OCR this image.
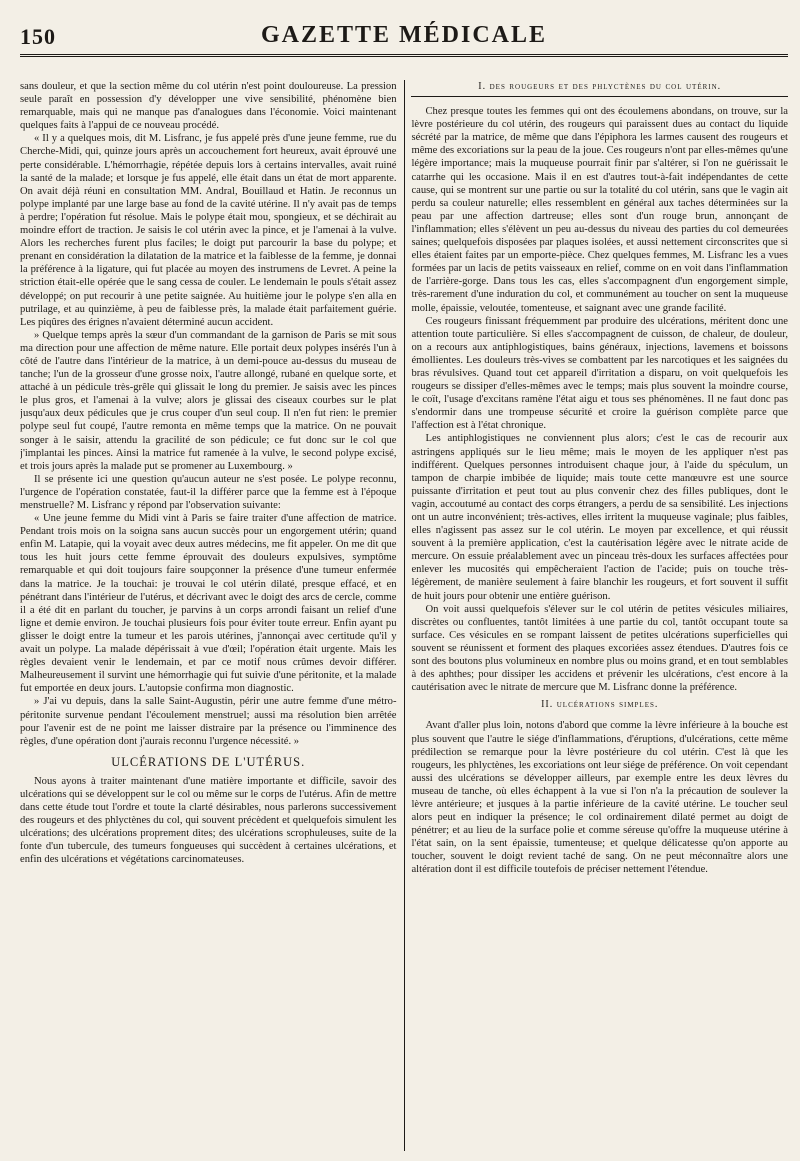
150	GAZETTE MÉDICALE

sans douleur, et que la section même du col utérin n'est point douloureuse. La pression seule paraît en possession d'y développer une vive sensibilité, phénomène bien remarquable, mais qui ne manque pas d'analogues dans l'économie. Voici maintenant quelques faits à l'appui de ce nouveau procédé.

« Il y a quelques mois, dit M. Lisfranc, je fus appelé près d'une jeune femme, rue du Cherche-Midi, qui, quinze jours après un accouchement fort heureux, avait éprouvé une perte considérable. L'hémorrhagie, répétée depuis lors à certains intervalles, avait ruiné la santé de la malade; et lorsque je fus appelé, elle était dans un état de mort apparente. On avait déjà réuni en consultation MM. Andral, Bouillaud et Hatin. Je reconnus un polype implanté par une large base au fond de la cavité utérine. Il n'y avait pas de temps à perdre; l'opération fut résolue. Mais le polype était mou, spongieux, et se déchirait au moindre effort de traction. Je saisis le col utérin avec la pince, et je l'amenai à la vulve. Alors les recherches furent plus faciles; le doigt put parcourir la base du polype; et prenant en considération la dilatation de la matrice et la faiblesse de la femme, je donnai la préférence à la ligature, qui fut placée au moyen des instrumens de Levret. A peine la striction était-elle opérée que le sang cessa de couler. Le lendemain le pouls s'était assez développé; on put recourir à une petite saignée. Au huitième jour le polype s'en alla en putrilage, et au quinzième, à peu de faiblesse près, la malade était parfaitement guérie. Les piqûres des érignes n'avaient déterminé aucun accident.

» Quelque temps après la sœur d'un commandant de la garnison de Paris se mit sous ma direction pour une affection de même nature. Elle portait deux polypes insérés l'un à côté de l'autre dans l'intérieur de la matrice, à un demi-pouce au-dessus du museau de tanche; l'un de la grosseur d'une grosse noix, l'autre allongé, rubané en quelque sorte, et attaché à un pédicule très-grêle qui glissait le long du premier. Je saisis avec les pinces le plus gros, et l'amenai à la vulve; alors je glissai des ciseaux courbes sur le plat jusqu'aux deux pédicules que je crus couper d'un seul coup. Il n'en fut rien: le premier polype seul fut coupé, l'autre remonta en même temps que la matrice. On ne pouvait songer à le saisir, attendu la gracilité de son pédicule; ce fut donc sur le col que j'implantai les pinces. Ainsi la matrice fut ramenée à la vulve, le second polype excisé, et trois jours après la malade put se promener au Luxembourg. »

Il se présente ici une question qu'aucun auteur ne s'est posée. Le polype reconnu, l'urgence de l'opération constatée, faut-il la différer parce que la femme est à l'époque menstruelle? M. Lisfranc y répond par l'observation suivante:

« Une jeune femme du Midi vint à Paris se faire traiter d'une affection de matrice. Pendant trois mois on la soigna sans aucun succès pour un engorgement utérin; quand enfin M. Latapie, qui la voyait avec deux autres médecins, me fit appeler. On me dit que tous les huit jours cette femme éprouvait des douleurs expulsives, symptôme remarquable et qui doit toujours faire soupçonner la présence d'une tumeur enfermée dans la matrice. Je la touchai: je trouvai le col utérin dilaté, presque effacé, et en pénétrant dans l'intérieur de l'utérus, et décrivant avec le doigt des arcs de cercle, comme il a été dit en parlant du toucher, je parvins à un corps arrondi faisant un relief d'une ligne et demie environ. Je touchai plusieurs fois pour éviter toute erreur. Enfin ayant pu glisser le doigt entre la tumeur et les parois utérines, j'annonçai avec certitude qu'il y avait un polype. La malade dépérissait à vue d'œil; l'opération était urgente. Mais les règles devaient venir le lendemain, et par ce motif nous crûmes devoir différer. Malheureusement il survint une hémorrhagie qui fut suivie d'une péritonite, et la malade fut emportée en deux jours. L'autopsie confirma mon diagnostic.

» J'ai vu depuis, dans la salle Saint-Augustin, périr une autre femme d'une métro-péritonite survenue pendant l'écoulement menstruel; aussi ma résolution bien arrêtée pour l'avenir est de ne point me laisser distraire par la présence ou l'imminence des règles, d'une opération dont j'aurais reconnu l'urgence nécessité. »

ULCÉRATIONS DE L'UTÉRUS.

Nous ayons à traiter maintenant d'une matière importante et difficile, savoir des ulcérations qui se développent sur le col ou même sur le corps de l'utérus. Afin de mettre dans cette étude tout l'ordre et toute la clarté désirables, nous parlerons successivement des rougeurs et des phlyctènes du col, qui souvent précèdent et quelquefois simulent les ulcérations; des ulcérations proprement dites; des ulcérations scrophuleuses, suite de la fonte d'un tubercule, des tumeurs fongueuses qui succèdent à certaines ulcérations, et enfin des ulcérations et végétations carcinomateuses.

I. des rougeurs et des phlyctènes du col utérin.

Chez presque toutes les femmes qui ont des écoulemens abondans, on trouve, sur la lèvre postérieure du col utérin, des rougeurs qui paraissent dues au contact du liquide sécrété par la matrice, de même que dans l'épiphora les larmes causent des rougeurs et même des excoriations sur la peau de la joue. Ces rougeurs n'ont par elles-mêmes qu'une légère importance; mais la muqueuse pourrait finir par s'altérer, si l'on ne guérissait le catarrhe qui les occasione. Mais il en est d'autres tout-à-fait indépendantes de cette cause, qui se montrent sur une partie ou sur la totalité du col utérin, sans que le vagin ait perdu sa couleur naturelle; elles ressemblent en général aux taches déterminées sur la peau par une affection dartreuse; elles sont d'un rouge brun, annonçant de l'inflammation; elles s'élèvent un peu au-dessus du niveau des parties du col demeurées saines; quelquefois disposées par plaques isolées, et aussi nettement circonscrites que si elles étaient faites par un emporte-pièce. Chez quelques femmes, M. Lisfranc les a vues formées par un lacis de petits vaisseaux en relief, comme on en voit dans l'inflammation de l'arrière-gorge. Dans tous les cas, elles s'accompagnent d'un engorgement simple, très-rarement d'une induration du col, et communément au toucher on sent la muqueuse molle, épaissie, veloutée, tomenteuse, et saignant avec une grande facilité.

Ces rougeurs finissant fréquemment par produire des ulcérations, méritent donc une attention toute particulière. Si elles s'accompagnent de cuisson, de chaleur, de douleur, on a recours aux antiphlogistiques, bains généraux, injections, lavemens et boissons émollientes. Les douleurs très-vives se combattent par les narcotiques et les saignées du bras révulsives. Quand tout cet appareil d'irritation a disparu, on voit quelquefois les rougeurs se dissiper d'elles-mêmes avec le temps; mais plus souvent la moindre course, le coït, l'usage d'excitans ramène l'état aigu et tous ses phénomènes. Il ne faut donc pas s'endormir dans une trompeuse sécurité et croire la guérison complète parce que l'affection est à l'état chronique.

Les antiphlogistiques ne conviennent plus alors; c'est le cas de recourir aux astringens appliqués sur le lieu même; mais le moyen de les appliquer n'est pas indifférent. Quelques personnes introduisent chaque jour, à l'aide du spéculum, un tampon de charpie imbibée de liquide; mais toute cette manœuvre est une source puissante d'irritation et peut tout au plus convenir chez des filles publiques, dont le vagin, accoutumé au contact des corps étrangers, a perdu de sa sensibilité. Les injections ont un autre inconvénient; très-actives, elles irritent la muqueuse vaginale; plus faibles, elles n'agissent pas assez sur le col utérin. Le moyen par excellence, et qui réussit souvent à la première application, c'est la cautérisation légère avec le nitrate acide de mercure. On essuie préalablement avec un pinceau très-doux les surfaces affectées pour enlever les mucosités qui empêcheraient l'action de l'acide; puis on touche très-légèrement, de manière seulement à faire blanchir les rougeurs, et fort souvent il suffit de huit jours pour obtenir une entière guérison.

On voit aussi quelquefois s'élever sur le col utérin de petites vésicules miliaires, discrètes ou confluentes, tantôt limitées à une partie du col, tantôt occupant toute sa surface. Ces vésicules en se rompant laissent de petites ulcérations superficielles qui souvent se réunissent et forment des plaques excoriées assez étendues. D'autres fois ce sont des boutons plus volumineux en nombre plus ou moins grand, et en tout semblables à des aphthes; pour dissiper les accidens et prévenir les ulcérations, c'est encore à la cautérisation avec le nitrate de mercure que M. Lisfranc donne la préférence.

II. ulcérations simples.

Avant d'aller plus loin, notons d'abord que comme la lèvre inférieure à la bouche est plus souvent que l'autre le siége d'inflammations, d'éruptions, d'ulcérations, cette même prédilection se remarque pour la lèvre postérieure du col utérin. C'est là que les rougeurs, les phlyctènes, les excoriations ont leur siége de préférence. On voit cependant aussi des ulcérations se développer ailleurs, par exemple entre les deux lèvres du museau de tanche, où elles échappent à la vue si l'on n'a la précaution de soulever la lèvre antérieure; et jusques à la partie inférieure de la cavité utérine. Le toucher seul alors peut en indiquer la présence; le col ordinairement dilaté permet au doigt de pénétrer; et au lieu de la surface polie et comme séreuse qu'offre la muqueuse utérine à l'état sain, on la sent épaissie, tumenteuse; et quelque délicatesse qu'on apporte au toucher, souvent le doigt revient taché de sang. On ne peut méconnaître alors une altération dont il est difficile toutefois de préciser nettement l'étendue.
